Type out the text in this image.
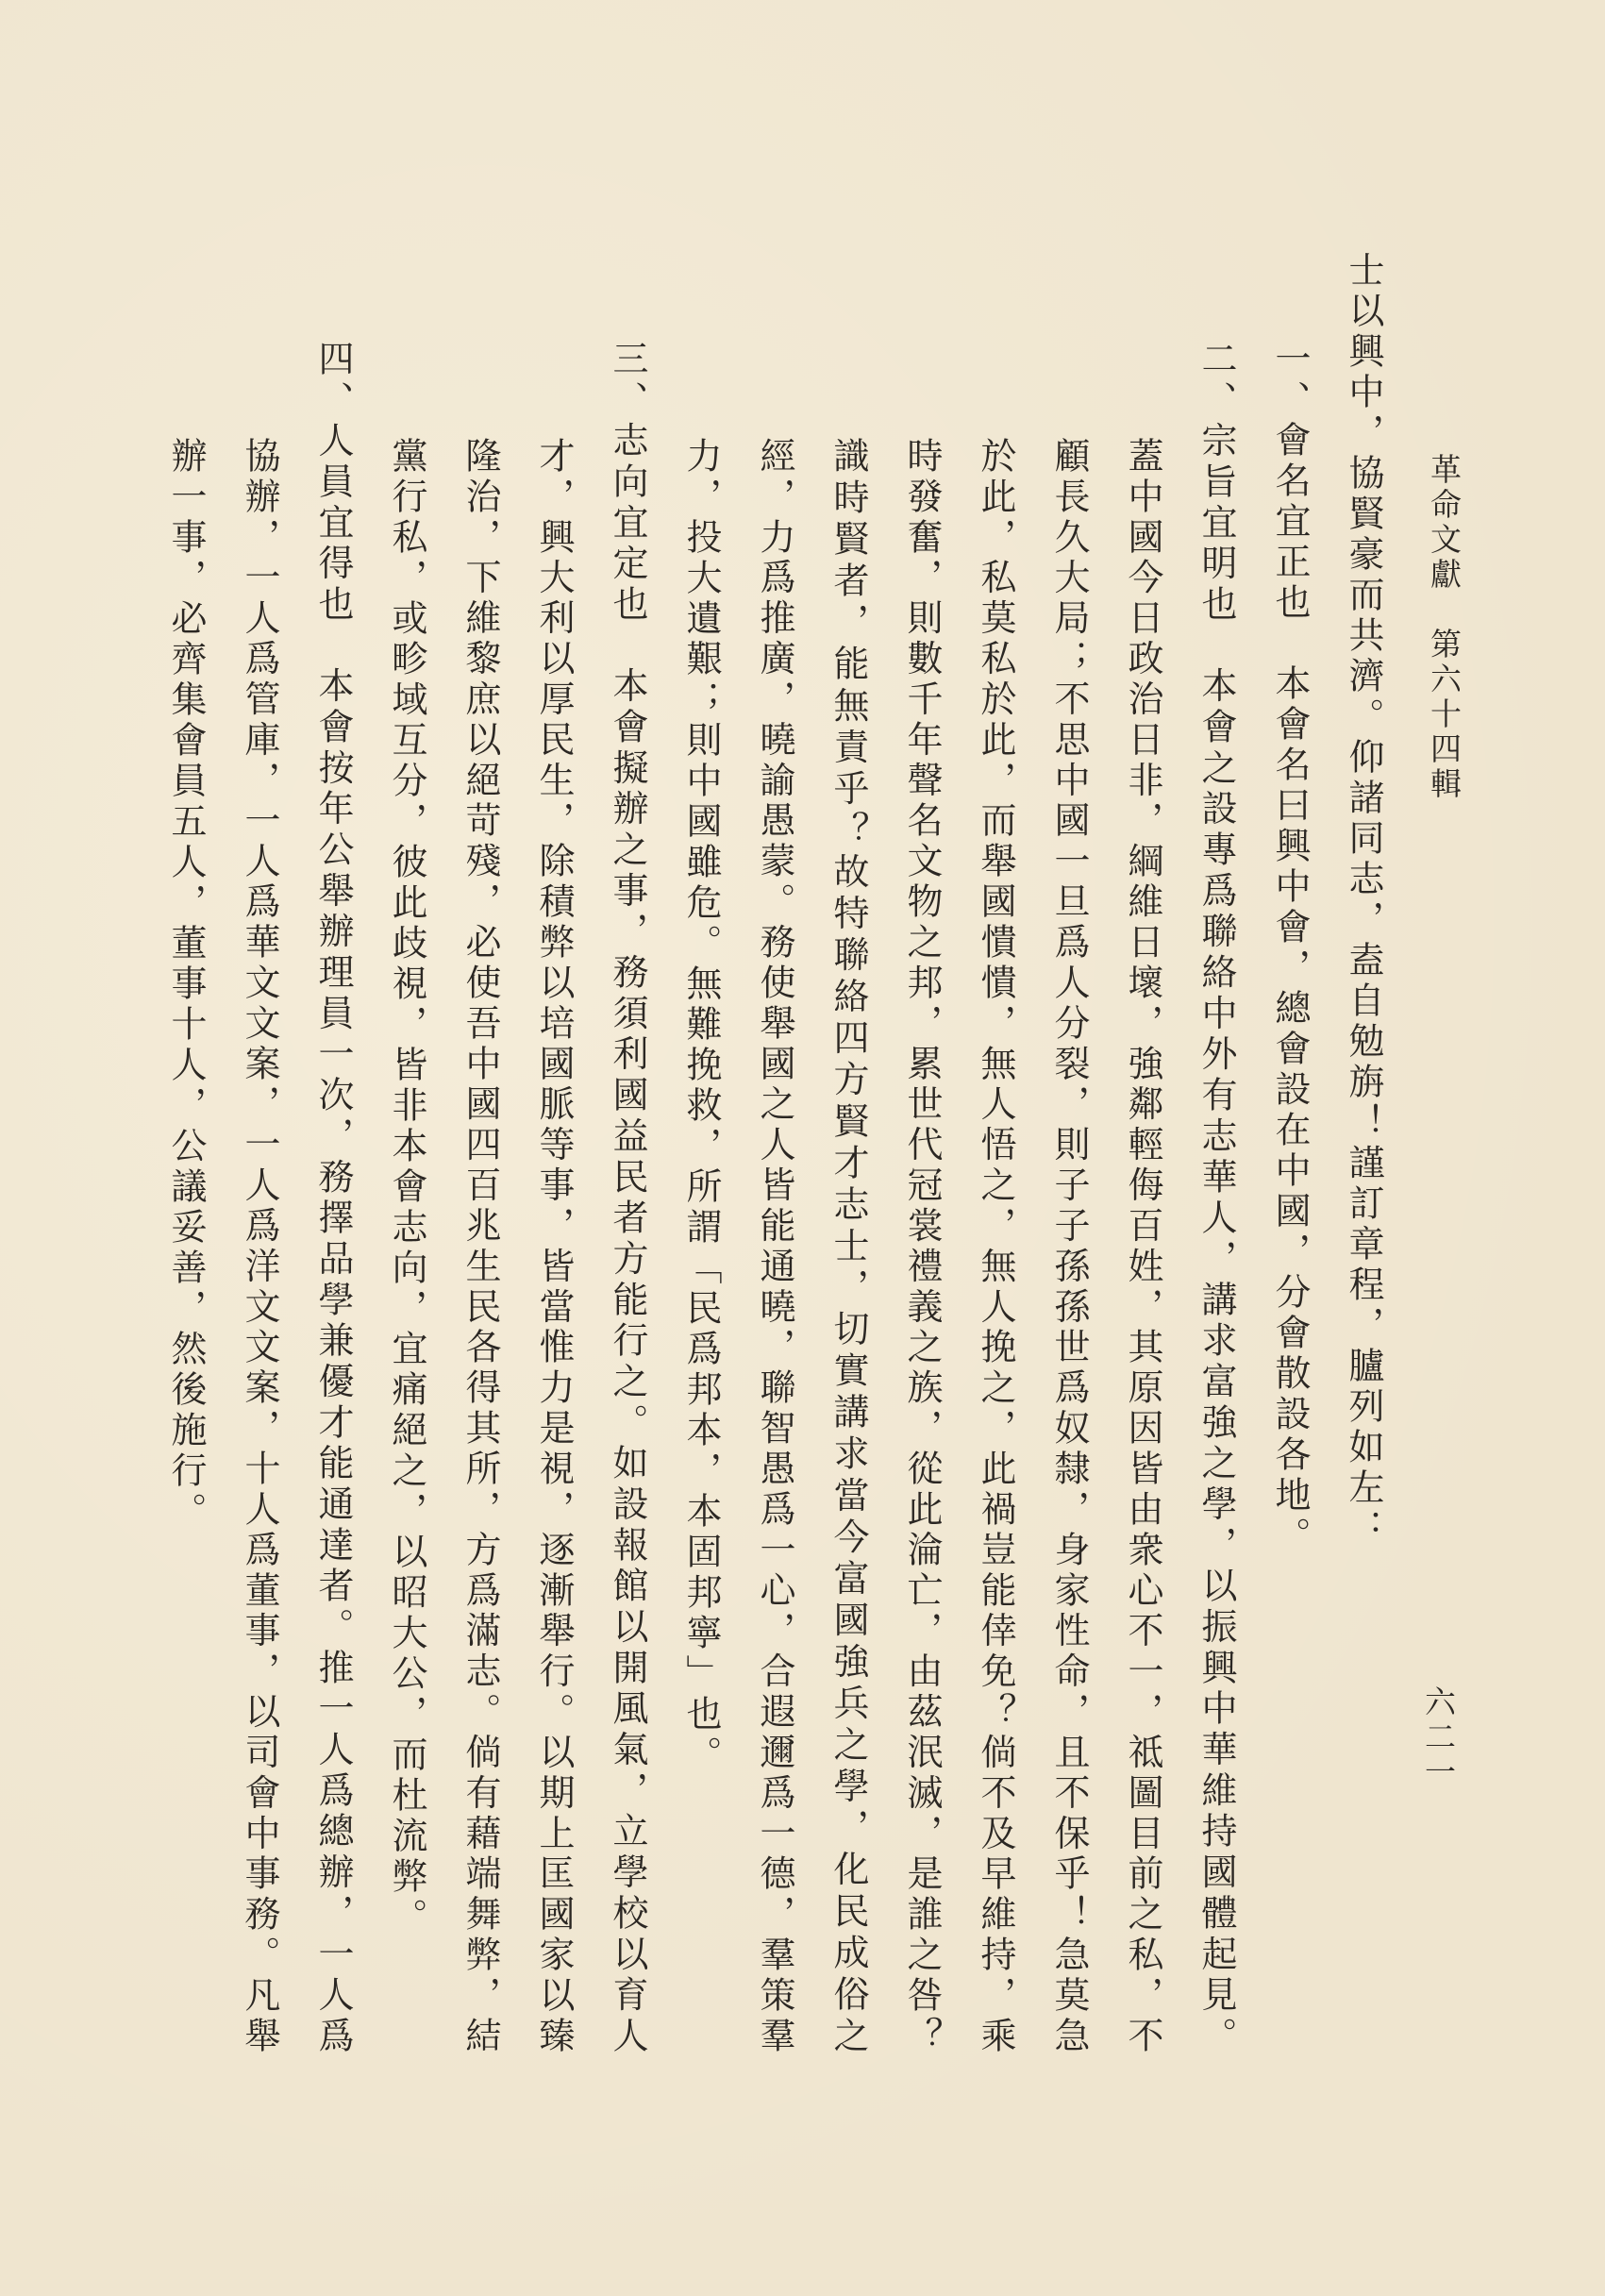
革命文獻　第六十四輯
六二一
士以興中，協賢豪而共濟。仰諸同志，盍自勉旃！謹訂章程，臚列如左：
一、會名宜正也　本會名曰興中會，總會設在中國，分會散設各地。
二、宗旨宜明也　本會之設專爲聯絡中外有志華人，講求富強之學，以振興中華維持國體起見。
蓋中國今日政治日非，綱維日壞，強鄰輕侮百姓，其原因皆由衆心不一，祗圖目前之私，不
顧長久大局；不思中國一旦爲人分裂，則子子孫孫世爲奴隸，身家性命，且不保乎！急莫急
於此，私莫私於此，而舉國憒憒，無人悟之，無人挽之，此禍豈能倖免？倘不及早維持，乘
時發奮，則數千年聲名文物之邦，累世代冠裳禮義之族，從此淪亡，由茲泯滅，是誰之咎？
識時賢者，能無責乎？故特聯絡四方賢才志士，切實講求當今富國強兵之學，化民成俗之
經，力爲推廣，曉諭愚蒙。務使舉國之人皆能通曉，聯智愚爲一心，合遐邇爲一德，羣策羣
力，投大遺艱；則中國雖危。無難挽救，所謂「民爲邦本，本固邦寧」也。
三、志向宜定也　本會擬辦之事，務須利國益民者方能行之。如設報館以開風氣，立學校以育人
才，興大利以厚民生，除積弊以培國脈等事，皆當惟力是視，逐漸舉行。以期上匡國家以臻
隆治，下維黎庶以絕苛殘，必使吾中國四百兆生民各得其所，方爲滿志。倘有藉端舞弊，結
黨行私，或畛域互分，彼此歧視，皆非本會志向，宜痛絕之，以昭大公，而杜流弊。
四、人員宜得也　本會按年公舉辦理員一次，務擇品學兼優才能通達者。推一人爲總辦，一人爲
協辦，一人爲管庫，一人爲華文文案，一人爲洋文文案，十人爲董事，以司會中事務。凡舉
辦一事，必齊集會員五人，董事十人，公議妥善，然後施行。
